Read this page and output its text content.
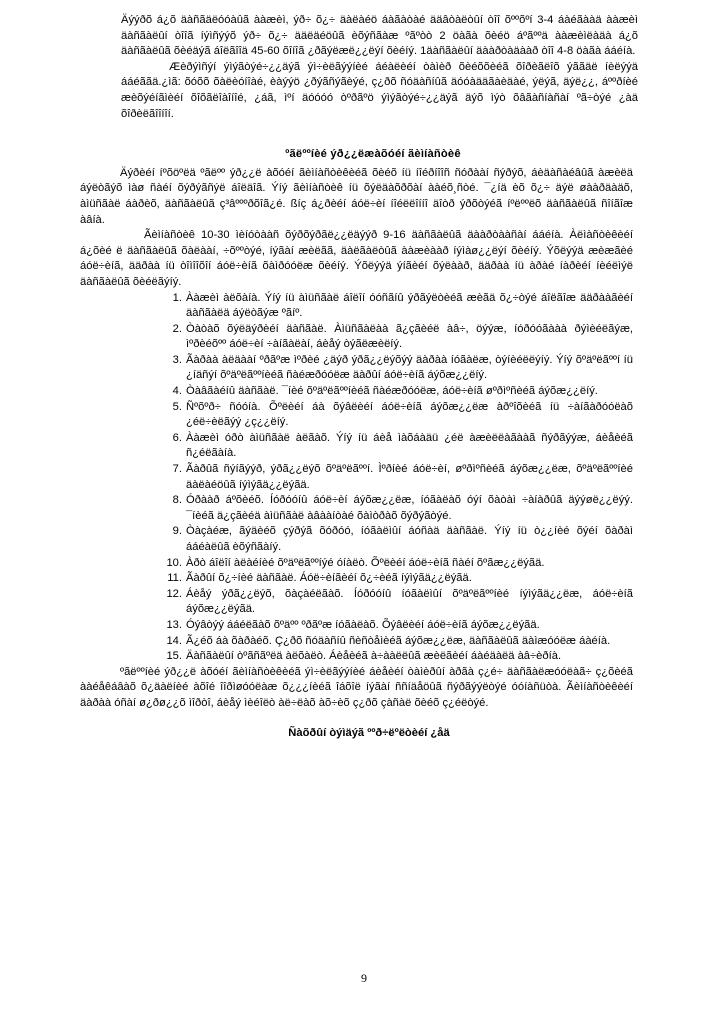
Äýýðõ á¿õ äàñãäëóóàûã ààæèì, ýð÷ õ¿÷ äàëàéö áàãàòàé ääâòàëòûí òîî õººõºí 3-4 áàéãààä ààæèì äàñãàëûí òîîã íýìñýýõ ýð÷ õ¿÷ ääëäéöûã èõýñãàæ ºãºòò 2 öàãà õèéö áºãººä ààæèìëàäà á¿õ äàñãàëûã õèéäýã áîëãîîä 45-60 õîíîã ¿ðãýëæë¿¿ëýí õèéíý. 1äàñãàëûí äààðòàäààð òîî 4-8 öàãà ááéíà.

Æèðýìñýí ýìýãòýé÷¿¿äýã ýì÷èëãýýíèé áéàëèéí òàìèð õèéõõèéã õîðèãëîõ ýããäë íèëýýä ááéããä.¿ìã: õóõõ õàëèóíîàé, èàýýö ¿ðýãñýãèýé, ç¿ðõ ñóäàñíûã äóóàääãàèäàé, ýëýã, äýë¿¿, áººðíèé æèõýéíãìèéí õîõãëîàîíîé, ¿áã, ìºí äóóóó òºðãºö ýìýãòýé÷¿¿äýã äýõ ìýò õâãàñíàñàí ºã÷òýé ¿àä õîðèëãîîíîí.

ºãëººíèé ýð¿¿ëæàõóéí ãèìíàñòèê

Äýðèéí íºõöºëä ºãëºº ýð¿¿ë àõóéí ãèìíàñòèêèéã õèéõ íü íîéðíîîñ ñóðààí ñýðýõ, áèäàñàéâûã àæèëä áýëòãýõ ìàø ñàéí õýðýãñýë áîëäîã. Ýíý ãèìíàñòèê íü õýëäàõðõàí ààéõ¸ñòé. ¯¿íä èõ õ¿÷ äýë øààðäàäõ, àìüñãàë áàðèõ, äàñãàëûã ç³âºººðõîã¿é. ßíç á¿ðèéí áóë÷èí íîéëëîííî äîòð ýðõòýéã íºëººëõ äàñãàëûã ñîíãîæ àâíà.

Ãèìíàñòèê 10-30 ìèíóòààñ õýðõýðãë¿¿ëäýýð 9-16 äàñãàëûã äààðòààñàí ááéíà. Àëìàñòèêèéí á¿õèé ë äàñãàëûã õàëààí, ÷õººòýé, íýãàí æèëãã, äàëãàëòûã ààæèààð íýìàø¿¿ëýí õèéíý. Ýõëýýä æèæãèé áóë÷èíã, ääðàà íü òîìîîõîí áóë÷èíã õàìðóóëæ õèéíý. Ýõëýýä ýíãèéí õýëààð, ääðàà íü àðàé íàðèéí íèéëìýë äàñãàëûã õèéëãýíý.

1. Ààæèì àëõàíà. Ýíý íü àìüñãàë áîëîí óóñãíû ýðãýëòèéã æèãä õ¿÷òýé áîëãîæ ääðààãèéí äàñãàëä áýëòãýæ ºãíº.
2. Òàòàõ õýëäýðèéí äàñãàë. Àìüñãàëàà ã¿çãèéë àâ÷, öýýæ, íóðóóãààà ðýìèéëãýæ, ìºðèéõºº áóë÷èí ÷àíãàëàí, áèåý òýãëæèëíý.
3. Ãàðàà àëäààí ºðãºæ ìºðèé ¿äýð ýðã¿¿ëýõýý äàðàà íóãàëæ, òýíèéëëýíý. Ýíý õºäºëãººí íü ¿íäñýí õºäºëãººíèéã ñàéæðóóëæ äàðûí áóë÷èíã áýõæ¿¿ëíý.
4. Òàâãàéíû äàñãàë. ¯íèé õºäºëãººíèéã ñàéæðóóëæ, áóë÷èíã øºðìºñèéã áýõæ¿¿ëíý.
5. Ñºõºð÷ ñóóíà. Õºëèéí áà õýâëèéí áóë÷èíã áýõæ¿¿ëæ àðºîõèéã íü ÷àíãàðóóëàõ ¿éë÷èëãýý ¿ç¿¿ëíý.
6. Ààæèì óðò àìüñãàë àëãàõ. Ýíý íü áèå ìàõáàäü ¿éë àæèëëàãààã ñýðãýýæ, áèåèéã ñ¿éëãàíà.
7. Ãàðûã ñýíãýýð, ýðã¿¿ëýõ õºäºëãººí. Ìºðíèé áóë÷èí, øºðìºñèéã áýõæ¿¿ëæ, õºäºëãººíèé äàëàéöûã íýìýãä¿¿ëýãä.
8. Óðààð áºõèéõ. Íóðóóíû áóë÷èí áýõæ¿¿ëæ, íóãàëàõ óýí õàòàì ÷àíàðûã äýýøë¿¿ëýý. ¯íèéã ä¿çãèéä àìüñãàë àâààíòàé õàìòðàõ õýðýãòýé.
9. Òàçàéæ, ãýäèéõ çýðýã õóðóó, íóãàëìûí áóñàä äàñãàë. Ýíý íü ò¿¿íèé õýéí õàðàì ááéàëûã èõýñãàíý.
10. Àðò áîëîí àëàéíèé õºäºëãººíýé óíàëò. Õºëèéí áóë÷èíã ñàéí õºãæ¿¿ëýãä.
11. Ãàðûí õ¿÷íèé äàñãàë. Áóë÷èíãèéí õ¿÷èéã íýìýãä¿¿ëýãä.
12. Áèåý ýðã¿¿ëýõ, õàçàéëãàõ. Íóðóóíû íóãàëìûí õºäºëãººíèé íýìýãä¿¿ëæ, áóë÷èíã áýõæ¿¿ëýãä.
13. Óýâòýý ááéëãàõ õºäºº ºðãºæ íóãàëàõ. Õýâëèéí áóë÷èíã áýõæ¿¿ëýãä.
14. Ã¿éõ áà õàðàéõ. Ç¿ðõ ñóäàñíû ñèñòåìèéã áýõæ¿¿ëæ, äàñãàëûã äàìæóóëæ áàéíà.
15. Äàñãàëûí òºãñãºëä àëõàëò. Áèåèéã à÷ààëëûã æèëãèéí áàéäàëä àâ÷èðíà.

ºãëººíèé ýð¿¿ë àõóéí ãèìíàñòèêèéã ýì÷èëãýýíèé áèåèéí òàìèðûí àðãà ç¿é÷ äàñãàëæóóëàã÷ ç¿õèéã ààéåêáâàõ õ¿äàëíèé àõîé îîðìøóóëàæ õ¿¿¿íèéã îáõîë íýãàí ññíäåöûã ñýðãýýëòýé óóíàñüòà. Ãèìíàñòèêèéí äàðàà óñàí ø¿ðø¿¿õ ìîðòî, áèåý ìèéîëò àë÷ëàõ àõ÷èõ ç¿ðõ çàñàë õèéõ ç¿éëòýé.

Ñàõðûí òýìäýã ººð÷ëºëòèéí ¿åä
9
